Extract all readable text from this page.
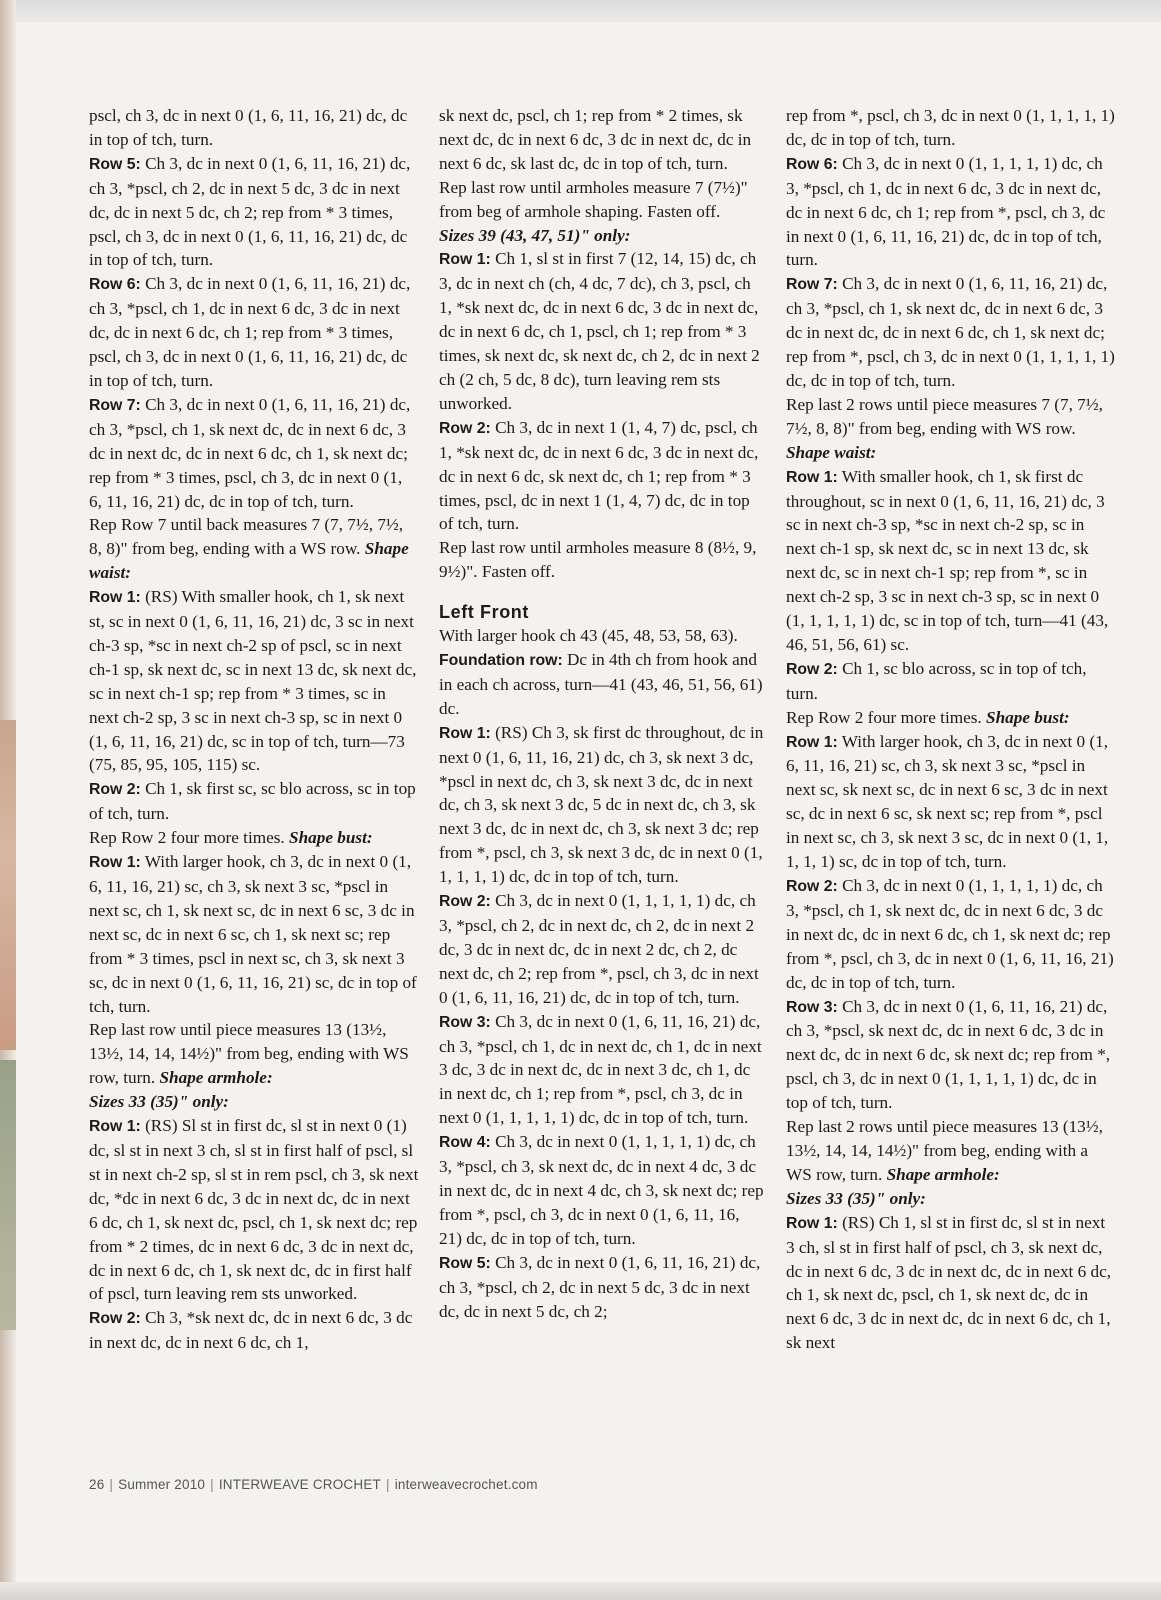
pscl, ch 3, dc in next 0 (1, 6, 11, 16, 21) dc, dc in top of tch, turn.

Row 5: Ch 3, dc in next 0 (1, 6, 11, 16, 21) dc, ch 3, *pscl, ch 2, dc in next 5 dc, 3 dc in next dc, dc in next 5 dc, ch 2; rep from * 3 times, pscl, ch 3, dc in next 0 (1, 6, 11, 16, 21) dc, dc in top of tch, turn.

Row 6: Ch 3, dc in next 0 (1, 6, 11, 16, 21) dc, ch 3, *pscl, ch 1, dc in next 6 dc, 3 dc in next dc, dc in next 6 dc, ch 1; rep from * 3 times, pscl, ch 3, dc in next 0 (1, 6, 11, 16, 21) dc, dc in top of tch, turn.

Row 7: Ch 3, dc in next 0 (1, 6, 11, 16, 21) dc, ch 3, *pscl, ch 1, sk next dc, dc in next 6 dc, 3 dc in next dc, dc in next 6 dc, ch 1, sk next dc; rep from * 3 times, pscl, ch 3, dc in next 0 (1, 6, 11, 16, 21) dc, dc in top of tch, turn.

Rep Row 7 until back measures 7 (7, 7½, 7½, 8, 8)" from beg, ending with a WS row. Shape waist:

Row 1: (RS) With smaller hook, ch 1, sk next st, sc in next 0 (1, 6, 11, 16, 21) dc, 3 sc in next ch-3 sp, *sc in next ch-2 sp of pscl, sc in next ch-1 sp, sk next dc, sc in next 13 dc, sk next dc, sc in next ch-1 sp; rep from * 3 times, sc in next ch-2 sp, 3 sc in next ch-3 sp, sc in next 0 (1, 6, 11, 16, 21) dc, sc in top of tch, turn—73 (75, 85, 95, 105, 115) sc.

Row 2: Ch 1, sk first sc, sc blo across, sc in top of tch, turn.

Rep Row 2 four more times. Shape bust:

Row 1: With larger hook, ch 3, dc in next 0 (1, 6, 11, 16, 21) sc, ch 3, sk next 3 sc, *pscl in next sc, ch 1, sk next sc, dc in next 6 sc, 3 dc in next sc, dc in next 6 sc, ch 1, sk next sc; rep from * 3 times, pscl in next sc, ch 3, sk next 3 sc, dc in next 0 (1, 6, 11, 16, 21) sc, dc in top of tch, turn.

Rep last row until piece measures 13 (13½, 13½, 14, 14, 14½)" from beg, ending with WS row, turn. Shape armhole:

Sizes 33 (35)" only:

Row 1: (RS) Sl st in first dc, sl st in next 0 (1) dc, sl st in next 3 ch, sl st in first half of pscl, sl st in next ch-2 sp, sl st in rem pscl, ch 3, sk next dc, *dc in next 6 dc, 3 dc in next dc, dc in next 6 dc, ch 1, sk next dc, pscl, ch 1, sk next dc; rep from * 2 times, dc in next 6 dc, 3 dc in next dc, dc in next 6 dc, ch 1, sk next dc, dc in first half of pscl, turn leaving rem sts unworked.

Row 2: Ch 3, *sk next dc, dc in next 6 dc, 3 dc in next dc, dc in next 6 dc, ch 1,

sk next dc, pscl, ch 1; rep from * 2 times, sk next dc, dc in next 6 dc, 3 dc in next dc, dc in next 6 dc, sk last dc, dc in top of tch, turn.

Rep last row until armholes measure 7 (7½)" from beg of armhole shaping. Fasten off.

Sizes 39 (43, 47, 51)" only:

Row 1: Ch 1, sl st in first 7 (12, 14, 15) dc, ch 3, dc in next ch (ch, 4 dc, 7 dc), ch 3, pscl, ch 1, *sk next dc, dc in next 6 dc, 3 dc in next dc, dc in next 6 dc, ch 1, pscl, ch 1; rep from * 3 times, sk next dc, sk next dc, ch 2, dc in next 2 ch (2 ch, 5 dc, 8 dc), turn leaving rem sts unworked.

Row 2: Ch 3, dc in next 1 (1, 4, 7) dc, pscl, ch 1, *sk next dc, dc in next 6 dc, 3 dc in next dc, dc in next 6 dc, sk next dc, ch 1; rep from * 3 times, pscl, dc in next 1 (1, 4, 7) dc, dc in top of tch, turn.

Rep last row until armholes measure 8 (8½, 9, 9½)". Fasten off.

Left Front

With larger hook ch 43 (45, 48, 53, 58, 63). Foundation row: Dc in 4th ch from hook and in each ch across, turn—41 (43, 46, 51, 56, 61) dc.

Row 1: (RS) Ch 3, sk first dc throughout, dc in next 0 (1, 6, 11, 16, 21) dc, ch 3, sk next 3 dc, *pscl in next dc, ch 3, sk next 3 dc, dc in next dc, ch 3, sk next 3 dc, 5 dc in next dc, ch 3, sk next 3 dc, dc in next dc, ch 3, sk next 3 dc; rep from *, pscl, ch 3, sk next 3 dc, dc in next 0 (1, 1, 1, 1, 1) dc, dc in top of tch, turn.

Row 2: Ch 3, dc in next 0 (1, 1, 1, 1, 1) dc, ch 3, *pscl, ch 2, dc in next dc, ch 2, dc in next 2 dc, 3 dc in next dc, dc in next 2 dc, ch 2, dc next dc, ch 2; rep from *, pscl, ch 3, dc in next 0 (1, 6, 11, 16, 21) dc, dc in top of tch, turn.

Row 3: Ch 3, dc in next 0 (1, 6, 11, 16, 21) dc, ch 3, *pscl, ch 1, dc in next dc, ch 1, dc in next 3 dc, 3 dc in next dc, dc in next 3 dc, ch 1, dc in next dc, ch 1; rep from *, pscl, ch 3, dc in next 0 (1, 1, 1, 1, 1) dc, dc in top of tch, turn.

Row 4: Ch 3, dc in next 0 (1, 1, 1, 1, 1) dc, ch 3, *pscl, ch 3, sk next dc, dc in next 4 dc, 3 dc in next dc, dc in next 4 dc, ch 3, sk next dc; rep from *, pscl, ch 3, dc in next 0 (1, 6, 11, 16, 21) dc, dc in top of tch, turn.

Row 5: Ch 3, dc in next 0 (1, 6, 11, 16, 21) dc, ch 3, *pscl, ch 2, dc in next 5 dc, 3 dc in next dc, dc in next 5 dc, ch 2;

rep from *, pscl, ch 3, dc in next 0 (1, 1, 1, 1, 1) dc, dc in top of tch, turn.

Row 6: Ch 3, dc in next 0 (1, 1, 1, 1, 1) dc, ch 3, *pscl, ch 1, dc in next 6 dc, 3 dc in next dc, dc in next 6 dc, ch 1; rep from *, pscl, ch 3, dc in next 0 (1, 6, 11, 16, 21) dc, dc in top of tch, turn.

Row 7: Ch 3, dc in next 0 (1, 6, 11, 16, 21) dc, ch 3, *pscl, ch 1, sk next dc, dc in next 6 dc, 3 dc in next dc, dc in next 6 dc, ch 1, sk next dc; rep from *, pscl, ch 3, dc in next 0 (1, 1, 1, 1, 1) dc, dc in top of tch, turn.

Rep last 2 rows until piece measures 7 (7, 7½, 7½, 8, 8)" from beg, ending with WS row. Shape waist:

Row 1: With smaller hook, ch 1, sk first dc throughout, sc in next 0 (1, 6, 11, 16, 21) dc, 3 sc in next ch-3 sp, *sc in next ch-2 sp, sc in next ch-1 sp, sk next dc, sc in next 13 dc, sk next dc, sc in next ch-1 sp; rep from *, sc in next ch-2 sp, 3 sc in next ch-3 sp, sc in next 0 (1, 1, 1, 1, 1) dc, sc in top of tch, turn—41 (43, 46, 51, 56, 61) sc.

Row 2: Ch 1, sc blo across, sc in top of tch, turn.

Rep Row 2 four more times. Shape bust:

Row 1: With larger hook, ch 3, dc in next 0 (1, 6, 11, 16, 21) sc, ch 3, sk next 3 sc, *pscl in next sc, sk next sc, dc in next 6 sc, 3 dc in next sc, dc in next 6 sc, sk next sc; rep from *, pscl in next sc, ch 3, sk next 3 sc, dc in next 0 (1, 1, 1, 1, 1) sc, dc in top of tch, turn.

Row 2: Ch 3, dc in next 0 (1, 1, 1, 1, 1) dc, ch 3, *pscl, ch 1, sk next dc, dc in next 6 dc, 3 dc in next dc, dc in next 6 dc, ch 1, sk next dc; rep from *, pscl, ch 3, dc in next 0 (1, 6, 11, 16, 21) dc, dc in top of tch, turn.

Row 3: Ch 3, dc in next 0 (1, 6, 11, 16, 21) dc, ch 3, *pscl, sk next dc, dc in next 6 dc, 3 dc in next dc, dc in next 6 dc, sk next dc; rep from *, pscl, ch 3, dc in next 0 (1, 1, 1, 1, 1) dc, dc in top of tch, turn.

Rep last 2 rows until piece measures 13 (13½, 13½, 14, 14, 14½)" from beg, ending with a WS row, turn. Shape armhole:

Sizes 33 (35)" only:

Row 1: (RS) Ch 1, sl st in first dc, sl st in next 3 ch, sl st in first half of pscl, ch 3, sk next dc, dc in next 6 dc, 3 dc in next dc, dc in next 6 dc, ch 1, sk next dc, pscl, ch 1, sk next dc, dc in next 6 dc, 3 dc in next dc, dc in next 6 dc, ch 1, sk next

26 | Summer 2010 | INTERWEAVE CROCHET | interweavecrochet.com
